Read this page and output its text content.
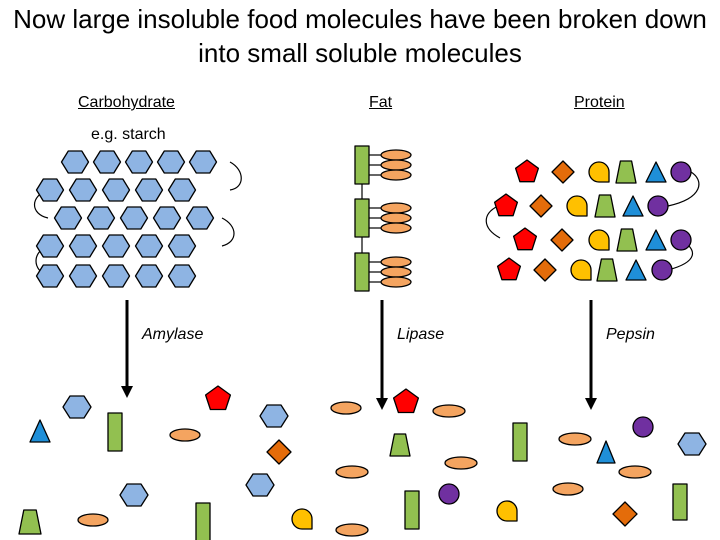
Now large insoluble food molecules have been broken down
into small soluble molecules
Carbohydrate	Fat	Protein
e.g. starch
Amylase	Lipase	Pepsin
